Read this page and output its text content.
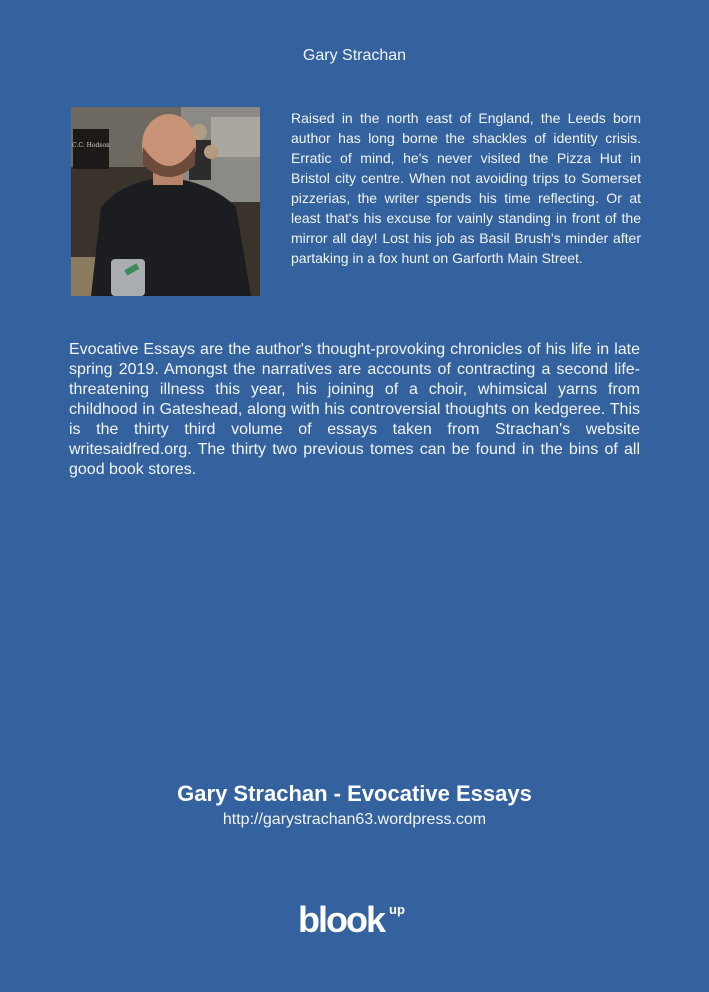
Gary Strachan
C.C. Hodson
Raised in the north east of England, the Leeds born author has long borne the shackles of identity crisis. Erratic of mind, he's never visited the Pizza Hut in Bristol city centre. When not avoiding trips to Somerset pizzerias, the writer spends his time reflecting. Or at least that's his excuse for vainly standing in front of the mirror all day! Lost his job as Basil Brush's minder after partaking in a fox hunt on Garforth Main Street.
Evocative Essays are the author's thought-provoking chronicles of his life in late spring 2019. Amongst the narratives are accounts of contracting a second life-threatening illness this year, his joining of a choir, whimsical yarns from childhood in Gateshead, along with his controversial thoughts on kedgeree. This is the thirty third volume of essays taken from Strachan's website writesaidfred.org. The thirty two previous tomes can be found in the bins of all good book stores.
Gary Strachan - Evocative Essays
http://garystrachan63.wordpress.com
blook up
